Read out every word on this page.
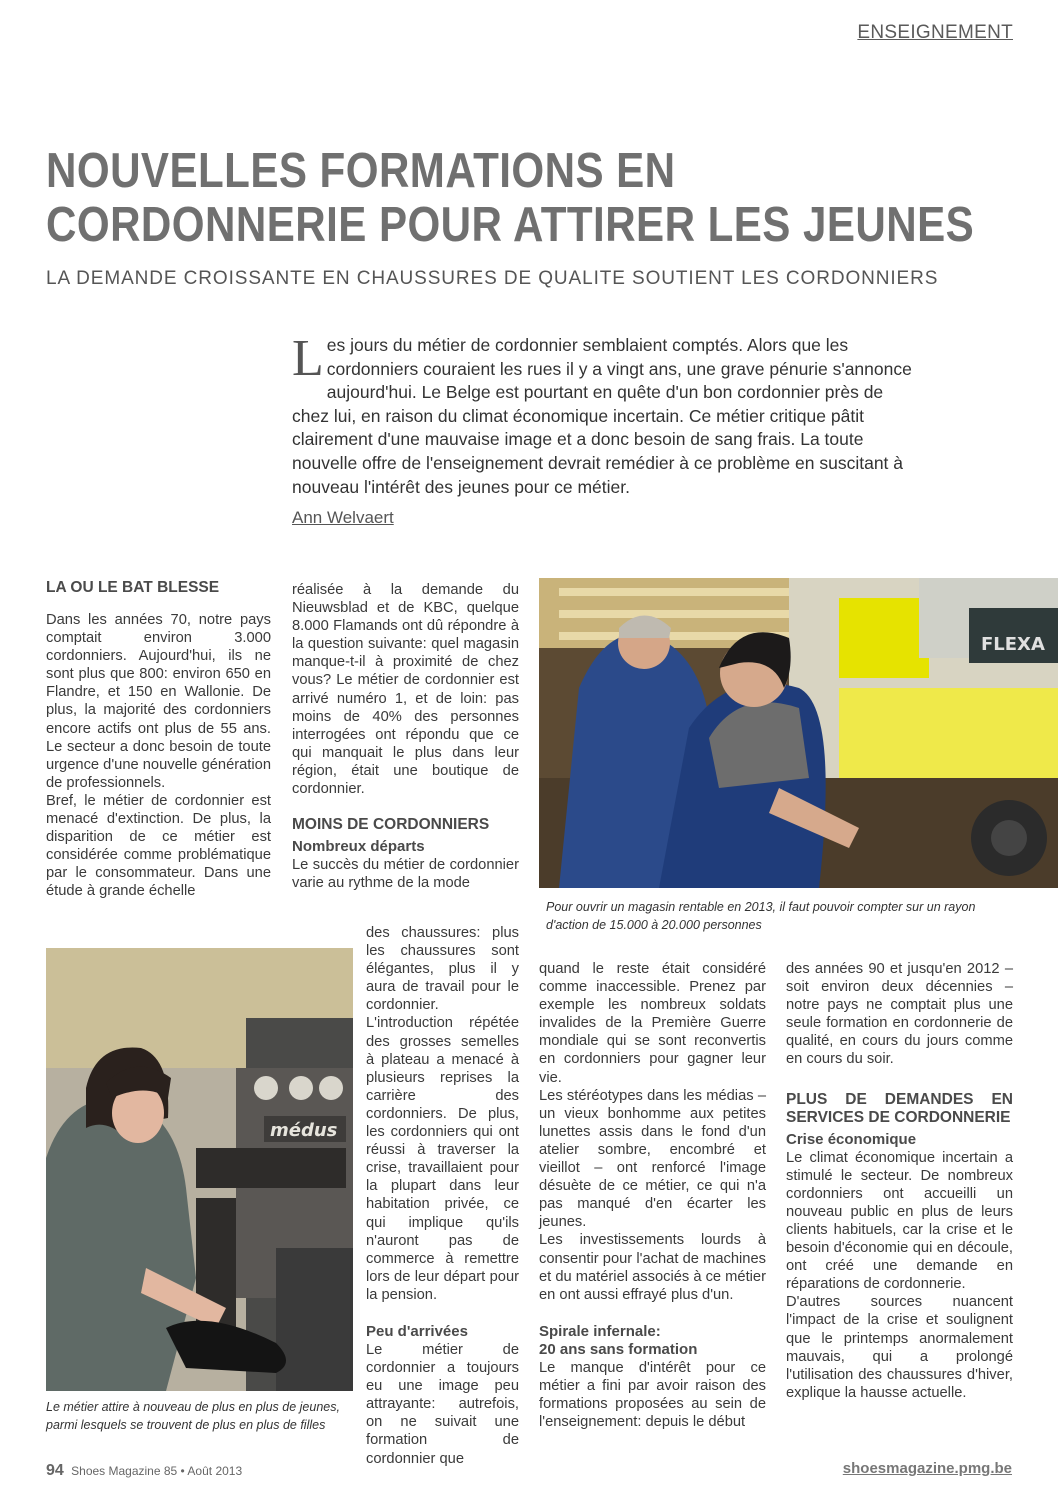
ENSEIGNEMENT
NOUVELLES FORMATIONS EN
CORDONNERIE POUR ATTIRER LES JEUNES
LA DEMANDE CROISSANTE EN CHAUSSURES DE QUALITE SOUTIENT LES CORDONNIERS
Les jours du métier de cordonnier semblaient comptés. Alors que les cordonniers couraient les rues il y a vingt ans, une grave pénurie s'annonce aujourd'hui. Le Belge est pourtant en quête d'un bon cordonnier près de chez lui, en raison du climat économique incertain. Ce métier critique pâtit clairement d'une mauvaise image et a donc besoin de sang frais. La toute nouvelle offre de l'enseignement devrait remédier à ce problème en suscitant à nouveau l'intérêt des jeunes pour ce métier.
Ann Welvaert
LA OU LE BAT BLESSE

Dans les années 70, notre pays comptait environ 3.000 cordonniers. Aujourd'hui, ils ne sont plus que 800: environ 650 en Flandre, et 150 en Wallonie. De plus, la majorité des cordonniers encore actifs ont plus de 55 ans. Le secteur a donc besoin de toute urgence d'une nouvelle génération de professionnels.

Bref, le métier de cordonnier est menacé d'extinction. De plus, la disparition de ce métier est considérée comme problématique par le consommateur. Dans une étude à grande échelle

réalisée à la demande du Nieuwsblad et de KBC, quelque 8.000 Flamands ont dû répondre à la question suivante: quel magasin manque-t-il à proximité de chez vous? Le métier de cordonnier est arrivé numéro 1, et de loin: pas moins de 40% des personnes interrogées ont répondu que ce qui manquait le plus dans leur région, était une boutique de cordonnier.

MOINS DE CORDONNIERS
Nombreux départs

Le succès du métier de cordonnier varie au rythme de la mode

des chaussures: plus les chaussures sont élégantes, plus il y aura de travail pour le cordonnier. L'introduction répétée des grosses semelles à plateau a menacé à plusieurs reprises la carrière des cordonniers. De plus, les cordonniers qui ont réussi à traverser la crise, travaillaient pour la plupart dans leur habitation privée, ce qui implique qu'ils n'auront pas de commerce à remettre lors de leur départ pour la pension.

Peu d'arrivées

Le métier de cordonnier a toujours eu une image peu attrayante: autrefois, on ne suivait une formation de cordonnier que

quand le reste était considéré comme inaccessible. Prenez par exemple les nombreux soldats invalides de la Première Guerre mondiale qui se sont reconvertis en cordonniers pour gagner leur vie.

Les stéréotypes dans les médias – un vieux bonhomme aux petites lunettes assis dans le fond d'un atelier sombre, encombré et vieillot – ont renforcé l'image désuète de ce métier, ce qui n'a pas manqué d'en écarter les jeunes.

Les investissements lourds à consentir pour l'achat de machines et du matériel associés à ce métier en ont aussi effrayé plus d'un.

Spirale infernale:
20 ans sans formation

Le manque d'intérêt pour ce métier a fini par avoir raison des formations proposées au sein de l'enseignement: depuis le début

des années 90 et jusqu'en 2012 – soit environ deux décennies – notre pays ne comptait plus une seule formation en cordonnerie de qualité, en cours du jours comme en cours du soir.

PLUS DE DEMANDES EN SERVICES DE CORDONNERIE
Crise économique

Le climat économique incertain a stimulé le secteur. De nombreux cordonniers ont accueilli un nouveau public en plus de leurs clients habituels, car la crise et le besoin d'économie qui en découle, ont créé une demande en réparations de cordonnerie.

D'autres sources nuancent l'impact de la crise et soulignent que le printemps anormalement mauvais, qui a prolongé l'utilisation des chaussures d'hiver, explique la hausse actuelle.

FLEXA
Pour ouvrir un magasin rentable en 2013, il faut pouvoir compter sur un rayon d'action de 15.000 à 20.000 personnes
médus
Le métier attire à nouveau de plus en plus de jeunes, parmi lesquels se trouvent de plus en plus de filles
94 Shoes Magazine 85 • Août 2013	shoesmagazine.pmg.be
